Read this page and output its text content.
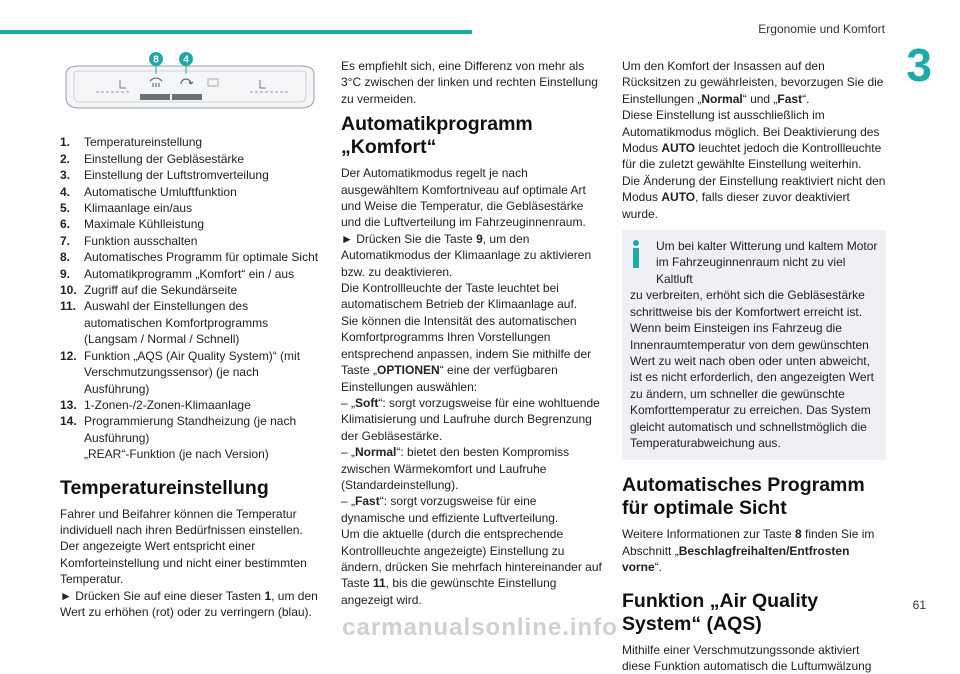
Ergonomie und Komfort
3
8 4
1.	Temperatureinstellung
2.	Einstellung der Gebläsestärke
3.	Einstellung der Luftstromverteilung
4.	Automatische Umluftfunktion
5.	Klimaanlage ein/aus
6.	Maximale Kühlleistung
7.	Funktion ausschalten
8.	Automatisches Programm für optimale Sicht
9.	Automatikprogramm „Komfort“ ein / aus
10. Zugriff auf die Sekundärseite
11. Auswahl der Einstellungen des automatischen Komfortprogramms (Langsam / Normal / Schnell)
12. Funktion „AQS (Air Quality System)“ (mit Verschmutzungssensor) (je nach Ausführung)
13. 1-Zonen-/2-Zonen-Klimaanlage
14. Programmierung Standheizung (je nach Ausführung)
„REAR“-Funktion (je nach Version)
Temperatureinstellung

Fahrer und Beifahrer können die Temperatur individuell nach ihren Bedürfnissen einstellen.

Der angezeigte Wert entspricht einer Komforteinstellung und nicht einer bestimmten Temperatur.

► Drücken Sie auf eine dieser Tasten 1, um den Wert zu erhöhen (rot) oder zu verringern (blau).

Es empfiehlt sich, eine Differenz von mehr als 3°C zwischen der linken und rechten Einstellung zu vermeiden.

Automatikprogramm „Komfort“

Der Automatikmodus regelt je nach ausgewähltem Komfortniveau auf optimale Art und Weise die Temperatur, die Gebläsestärke und die Luftverteilung im Fahrzeuginnenraum.

► Drücken Sie die Taste 9, um den Automatikmodus der Klimaanlage zu aktivieren bzw. zu deaktivieren.

Die Kontrollleuchte der Taste leuchtet bei automatischem Betrieb der Klimaanlage auf.

Sie können die Intensität des automatischen Komfortprogramms Ihren Vorstellungen entsprechend anpassen, indem Sie mithilfe der Taste „OPTIONEN“ eine der verfügbaren Einstellungen auswählen:

– „Soft“: sorgt vorzugsweise für eine wohltuende Klimatisierung und Laufruhe durch Begrenzung der Gebläsestärke.

– „Normal“: bietet den besten Kompromiss zwischen Wärmekomfort und Laufruhe (Standardeinstellung).

– „Fast“: sorgt vorzugsweise für eine dynamische und effiziente Luftverteilung.

Um die aktuelle (durch die entsprechende Kontrollleuchte angezeigte) Einstellung zu ändern, drücken Sie mehrfach hintereinander auf Taste 11, bis die gewünschte Einstellung angezeigt wird.

Um den Komfort der Insassen auf den Rücksitzen zu gewährleisten, bevorzugen Sie die Einstellungen „Normal“ und „Fast“.

Diese Einstellung ist ausschließlich im Automatikmodus möglich. Bei Deaktivierung des Modus AUTO leuchtet jedoch die Kontrollleuchte für die zuletzt gewählte Einstellung weiterhin.

Die Änderung der Einstellung reaktiviert nicht den Modus AUTO, falls dieser zuvor deaktiviert wurde.

Um bei kalter Witterung und kaltem Motor im Fahrzeuginnenraum nicht zu viel Kaltluft

zu verbreiten, erhöht sich die Gebläsestärke schrittweise bis der Komfortwert erreicht ist.

Wenn beim Einsteigen ins Fahrzeug die Innenraumtemperatur von dem gewünschten Wert zu weit nach oben oder unten abweicht, ist es nicht erforderlich, den angezeigten Wert zu ändern, um schneller die gewünschte Komforttemperatur zu erreichen. Das System gleicht automatisch und schnellstmöglich die Temperaturabweichung aus.

Automatisches Programm für optimale Sicht

Weitere Informationen zur Taste 8 finden Sie im Abschnitt „Beschlagfreihalten/Entfrosten vorne“.

Funktion „Air Quality System“ (AQS)

Mithilfe einer Verschmutzungssonde aktiviert diese Funktion automatisch die Luftumwälzung

61
carmanualsonline.info
